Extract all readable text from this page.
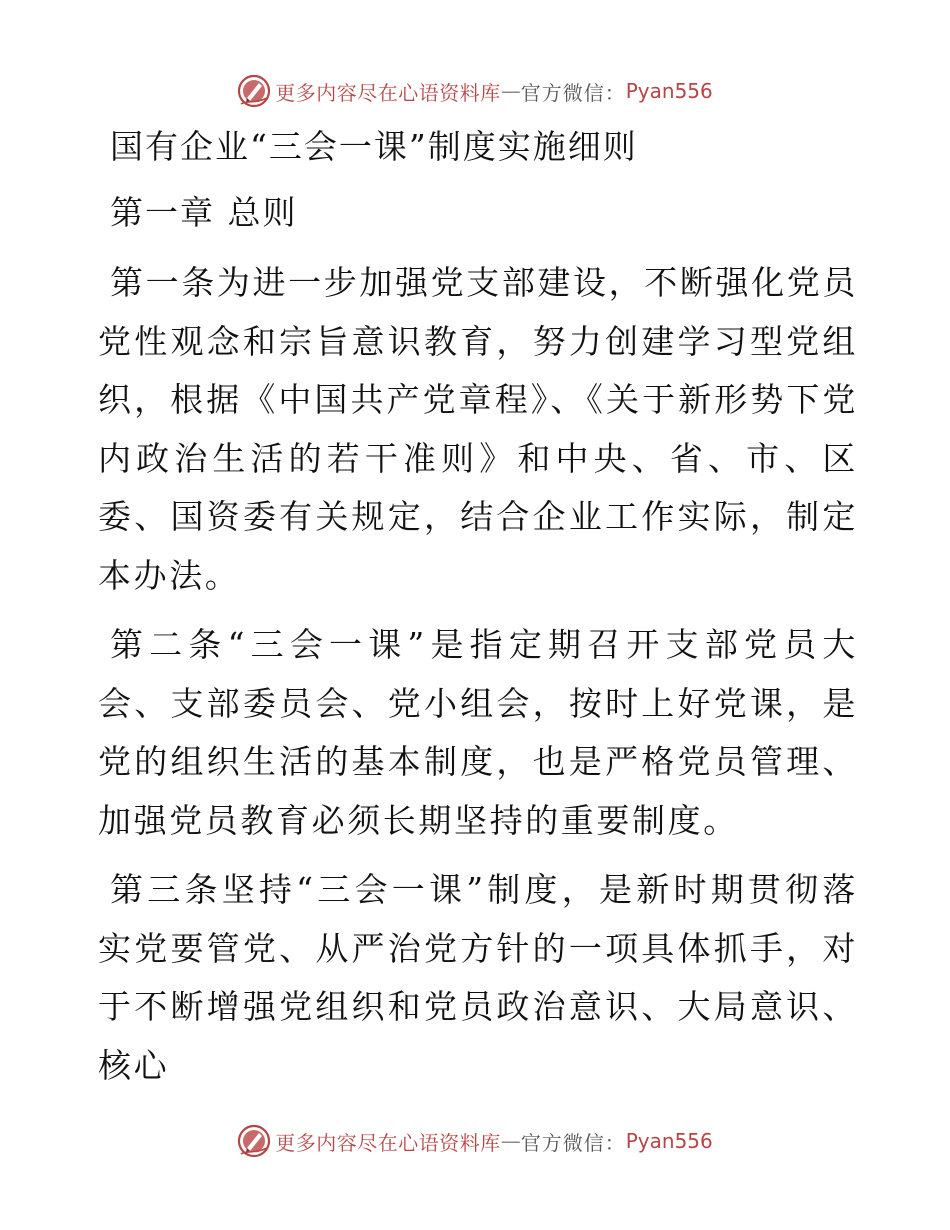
更多内容尽在心语资料库 — 官方微信： Pyan556
国有企业“三会一课”制度实施细则
第一章 总则

第一条为进一步加强党支部建设，不断强化党员党性观念和宗旨意识教育，努力创建学习型党组织，根据《中国共产党章程》、《关于新形势下党内政治生活的若干准则》和中央、省、市、区委、国资委有关规定，结合企业工作实际，制定本办法。

第二条“三会一课”是指定期召开支部党员大会、支部委员会、党小组会，按时上好党课，是党的组织生活的基本制度，也是严格党员管理、加强党员教育必须长期坚持的重要制度。

第三条坚持“三会一课”制度，是新时期贯彻落实党要管党、从严治党方针的一项具体抓手，对于不断增强党组织和党员政治意识、大局意识、核心

更多内容尽在心语资料库 — 官方微信： Pyan556
